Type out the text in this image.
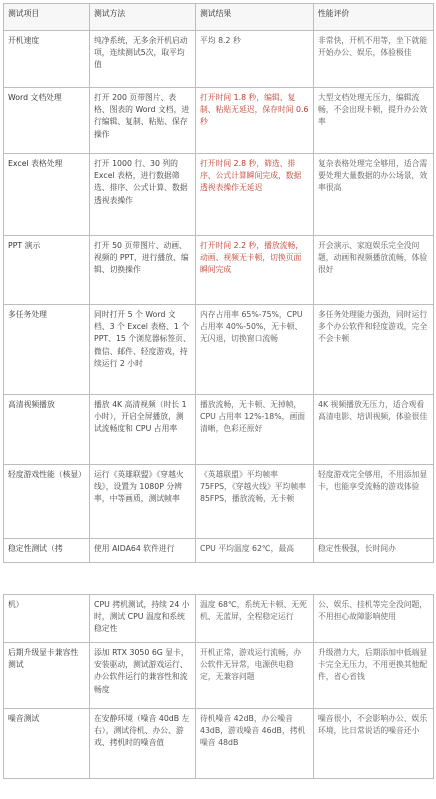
测试项目	测试方法	测试结果	性能评价
开机速度	纯净系统，无多余开机启动项，连续测试5次，取平均值	平均 8.2 秒	非常快，开机不用等，坐下就能开始办公、娱乐，体验极佳
Word 文档处理	打开 200 页带图片、表格、图表的 Word 文档，进行编辑、复制、粘贴、保存操作	打开时间 1.8 秒，编辑、复制、粘贴无延迟，保存时间 0.6 秒	大型文档处理无压力，编辑流畅，不会出现卡顿，提升办公效率
Excel 表格处理	打开 1000 行、30 列的 Excel 表格，进行数据筛选、排序、公式计算、数据透视表操作	打开时间 2.8 秒，筛选、排序、公式计算瞬间完成，数据透视表操作无延迟	复杂表格处理完全够用，适合需要处理大量数据的办公场景，效率很高
PPT 演示	打开 50 页带图片、动画、视频的 PPT，进行播放、编辑、切换操作	打开时间 2.2 秒，播放流畅，动画、视频无卡顿，切换页面瞬间完成	开会演示、家庭娱乐完全没问题，动画和视频播放流畅，体验很好
多任务处理	同时打开 5 个 Word 文档、3 个 Excel 表格、1 个 PPT、15 个浏览器标签页、微信、邮件、轻度游戏，持续运行 2 小时	内存占用率 65%-75%，CPU 占用率 40%-50%，无卡顿、无闪退，切换窗口流畅	多任务处理能力强劲，同时运行多个办公软件和轻度游戏，完全不会卡顿
高清视频播放	播放 4K 高清视频（时长 1 小时），开启全屏播放，测试流畅度和 CPU 占用率	播放流畅，无卡顿、无掉帧，CPU 占用率 12%-18%，画面清晰，色彩还原好	4K 视频播放无压力，适合观看高清电影、培训视频，体验很佳
轻度游戏性能（核显）	运行《英雄联盟》《穿越火线》，设置为 1080P 分辨率，中等画质，测试帧率	《英雄联盟》平均帧率 75FPS，《穿越火线》平均帧率 85FPS，播放流畅，无卡顿	轻度游戏完全够用，不用添加显卡，也能享受流畅的游戏体验
稳定性测试（拷	使用 AIDA64 软件进行	CPU 平均温度 62℃，最高	稳定性极强，长时间办
机）	CPU 拷机测试，持续 24 小时，测试 CPU 温度和系统稳定性	温度 68℃，系统无卡顿、无死机、无蓝屏，全程稳定运行	公、娱乐、挂机等完全没问题，不用担心故障影响使用
后期升级显卡兼容性测试	添加 RTX 3050 6G 显卡，安装驱动，测试游戏运行、办公软件运行的兼容性和流畅度	开机正常，游戏运行流畅，办公软件无异常，电源供电稳定，无兼容问题	升级潜力大，后期添加中低端显卡完全无压力，不用更换其他配件，省心省钱
噪音测试	在安静环境（噪音 40dB 左右），测试待机、办公、游戏、拷机时的噪音值	待机噪音 42dB，办公噪音 43dB，游戏噪音 46dB，拷机噪音 48dB	噪音很小，不会影响办公、娱乐环境，比日常说话的噪音还小
